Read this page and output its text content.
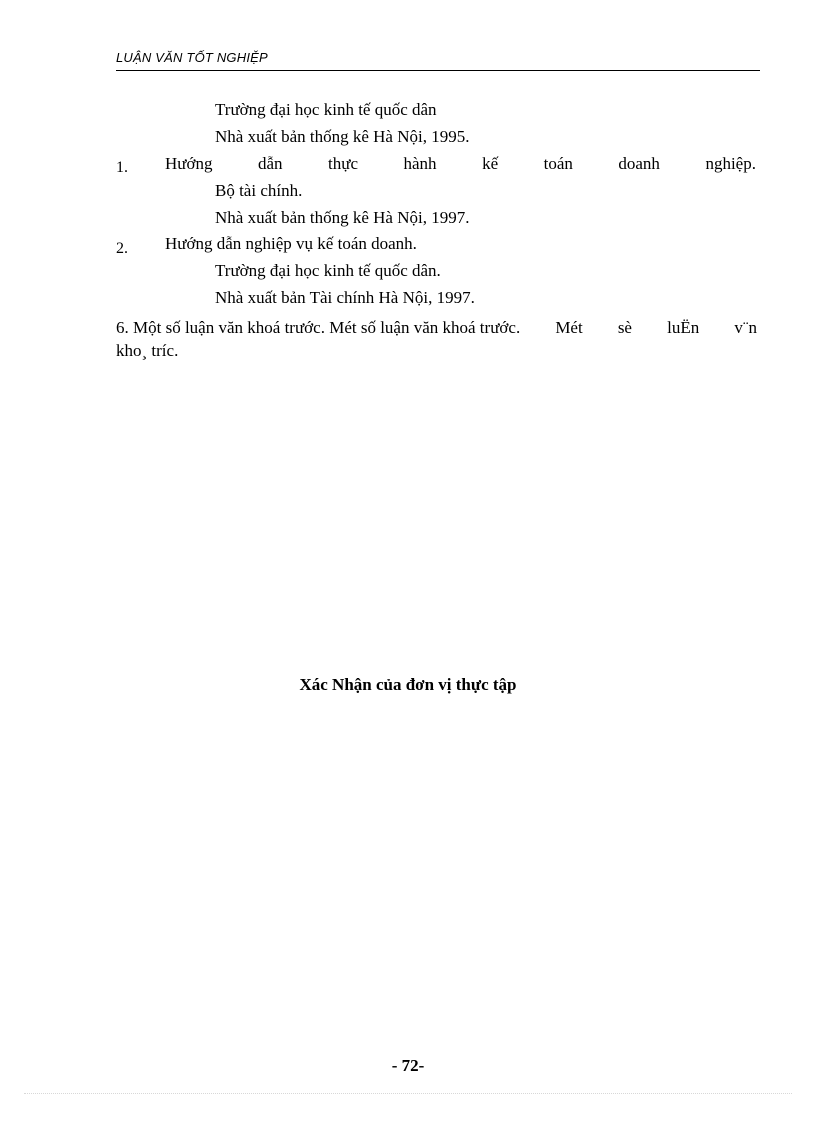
LUẬN VĂN TỐT NGHIỆP
Trường đại học kinh tế quốc dân
Nhà xuất bản thống kê Hà Nội, 1995.
1. Hướng	dẫn	thực	hành	kế	toán	doanh	nghiệp.
Bộ tài chính.
Nhà xuất bản thống kê Hà Nội, 1997.
2. Hướng dẫn nghiệp vụ kế toán doanh.
Trường đại học kinh tế quốc dân.
Nhà xuất bản Tài chính Hà Nội, 1997.
6. Một số luận văn khoá trước. Mét số luận văn khoá trước. Mét sè luËn v¨n
kho¸ tríc.
Xác Nhận của đơn vị thực tập
- 72-
